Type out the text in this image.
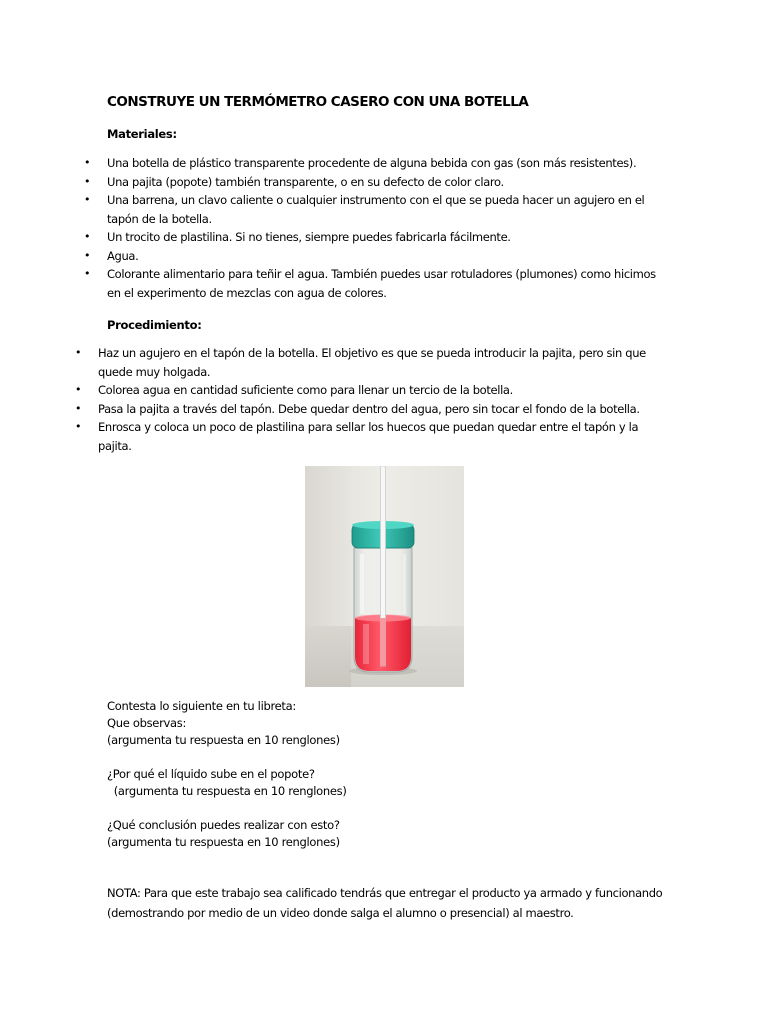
CONSTRUYE UN TERMÓMETRO CASERO CON UNA BOTELLA
Materiales:
• Una botella de plástico transparente procedente de alguna bebida con gas (son más resistentes).
• Una pajita (popote) también transparente, o en su defecto de color claro.
• Una barrena, un clavo caliente o cualquier instrumento con el que se pueda hacer un agujero en el tapón de la botella.
• Un trocito de plastilina. Si no tienes, siempre puedes fabricarla fácilmente.
• Agua.
• Colorante alimentario para teñir el agua. También puedes usar rotuladores (plumones) como hicimos en el experimento de mezclas con agua de colores.
Procedimiento:
• Haz un agujero en el tapón de la botella. El objetivo es que se pueda introducir la pajita, pero sin que quede muy holgada.
• Colorea agua en cantidad suficiente como para llenar un tercio de la botella.
• Pasa la pajita a través del tapón. Debe quedar dentro del agua, pero sin tocar el fondo de la botella.
• Enrosca y coloca un poco de plastilina para sellar los huecos que puedan quedar entre el tapón y la pajita.
Contesta lo siguiente en tu libreta:
Que observas:
(argumenta tu respuesta en 10 renglones)
¿Por qué el líquido sube en el popote?
(argumenta tu respuesta en 10 renglones)
¿Qué conclusión puedes realizar con esto?
(argumenta tu respuesta en 10 renglones)
NOTA: Para que este trabajo sea calificado tendrás que entregar el producto ya armado y funcionando (demostrando por medio de un video donde salga el alumno o presencial) al maestro.
